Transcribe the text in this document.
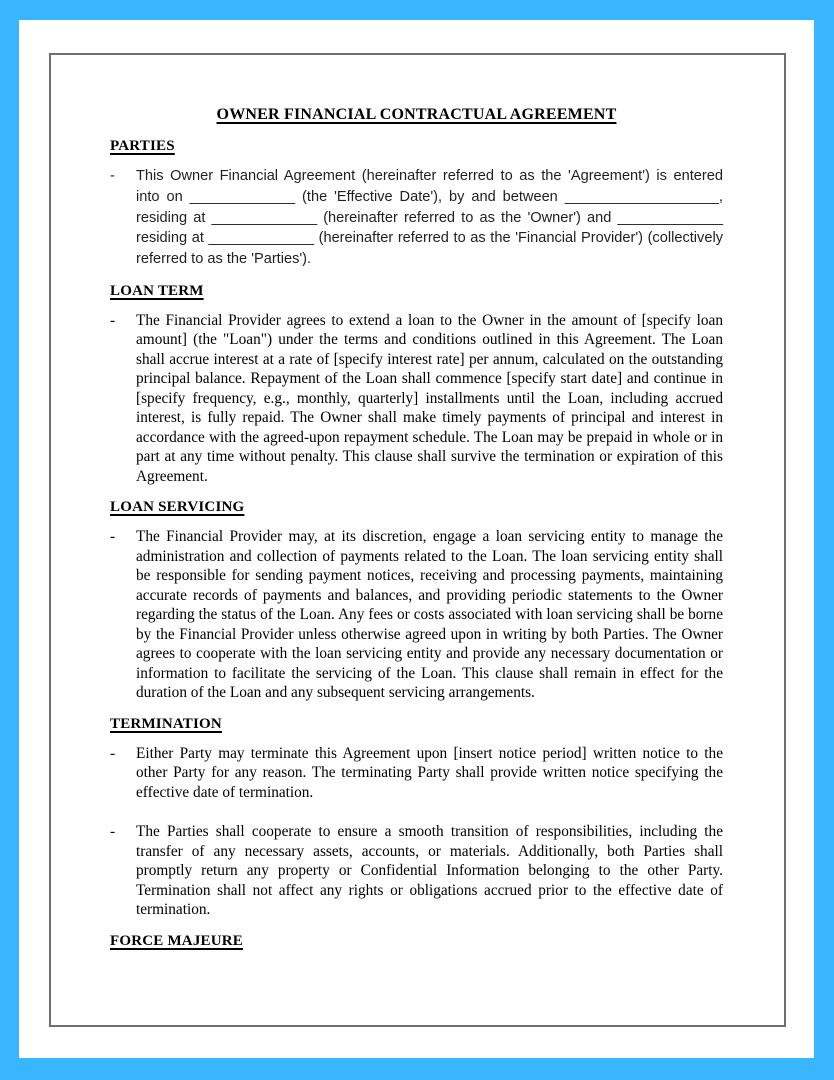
OWNER FINANCIAL CONTRACTUAL AGREEMENT
PARTIES
-	This Owner Financial Agreement (hereinafter referred to as the 'Agreement') is entered into on _____________ (the 'Effective Date'), by and between ___________________, residing at _____________ (hereinafter referred to as the 'Owner') and _____________ residing at _____________ (hereinafter referred to as the 'Financial Provider') (collectively referred to as the 'Parties').
LOAN TERM
-	The Financial Provider agrees to extend a loan to the Owner in the amount of [specify loan amount] (the "Loan") under the terms and conditions outlined in this Agreement. The Loan shall accrue interest at a rate of [specify interest rate] per annum, calculated on the outstanding principal balance. Repayment of the Loan shall commence [specify start date] and continue in [specify frequency, e.g., monthly, quarterly] installments until the Loan, including accrued interest, is fully repaid. The Owner shall make timely payments of principal and interest in accordance with the agreed-upon repayment schedule. The Loan may be prepaid in whole or in part at any time without penalty. This clause shall survive the termination or expiration of this Agreement.
LOAN SERVICING
-	The Financial Provider may, at its discretion, engage a loan servicing entity to manage the administration and collection of payments related to the Loan. The loan servicing entity shall be responsible for sending payment notices, receiving and processing payments, maintaining accurate records of payments and balances, and providing periodic statements to the Owner regarding the status of the Loan. Any fees or costs associated with loan servicing shall be borne by the Financial Provider unless otherwise agreed upon in writing by both Parties. The Owner agrees to cooperate with the loan servicing entity and provide any necessary documentation or information to facilitate the servicing of the Loan. This clause shall remain in effect for the duration of the Loan and any subsequent servicing arrangements.
TERMINATION
-	Either Party may terminate this Agreement upon [insert notice period] written notice to the other Party for any reason. The terminating Party shall provide written notice specifying the effective date of termination.
-	The Parties shall cooperate to ensure a smooth transition of responsibilities, including the transfer of any necessary assets, accounts, or materials. Additionally, both Parties shall promptly return any property or Confidential Information belonging to the other Party. Termination shall not affect any rights or obligations accrued prior to the effective date of termination.
FORCE MAJEURE
